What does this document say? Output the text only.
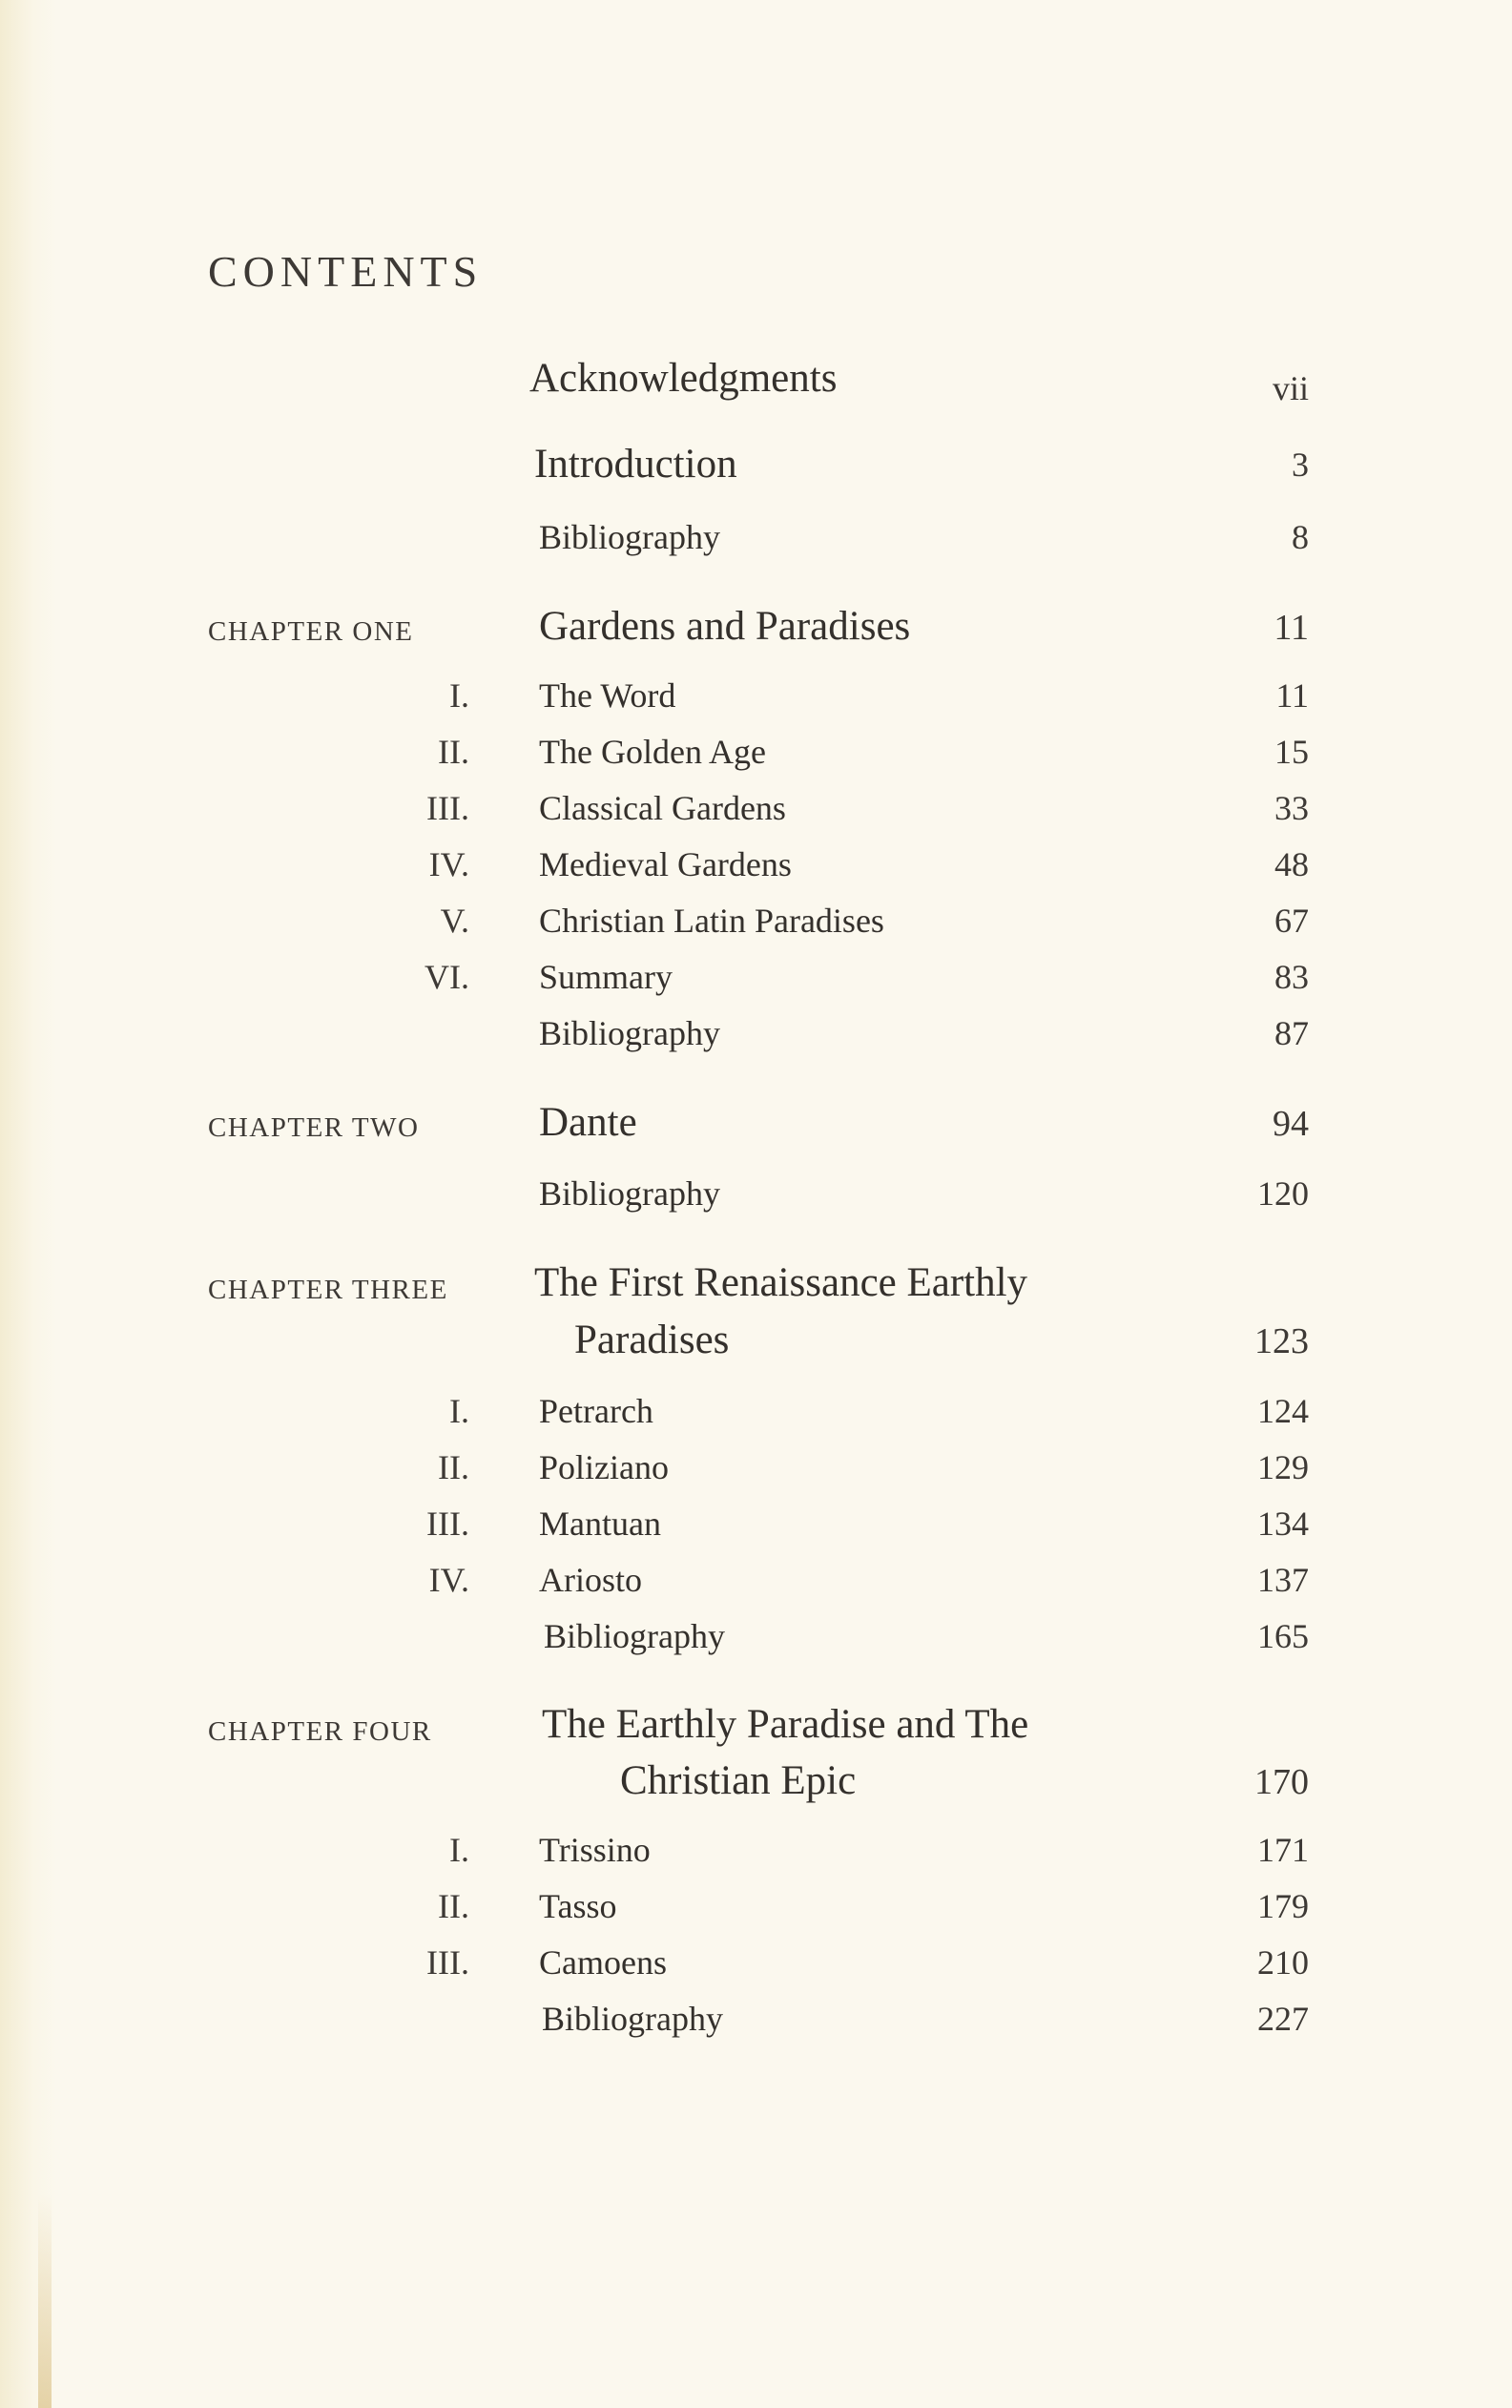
CONTENTS
Acknowledgments	vii
Introduction	3
Bibliography	8
CHAPTER ONE	Gardens and Paradises	11
I. The Word	11
II. The Golden Age	15
III. Classical Gardens	33
IV. Medieval Gardens	48
V. Christian Latin Paradises	67
VI. Summary	83
Bibliography	87
CHAPTER TWO	Dante	94
Bibliography	120
CHAPTER THREE The First Renaissance Earthly
Paradises	123
I. Petrarch	124
II. Poliziano	129
III. Mantuan	134
IV. Ariosto	137
Bibliography	165
CHAPTER FOUR	The Earthly Paradise and The
Christian Epic	170
I. Trissino	171
II. Tasso	179
III. Camoens	210
Bibliography	227
